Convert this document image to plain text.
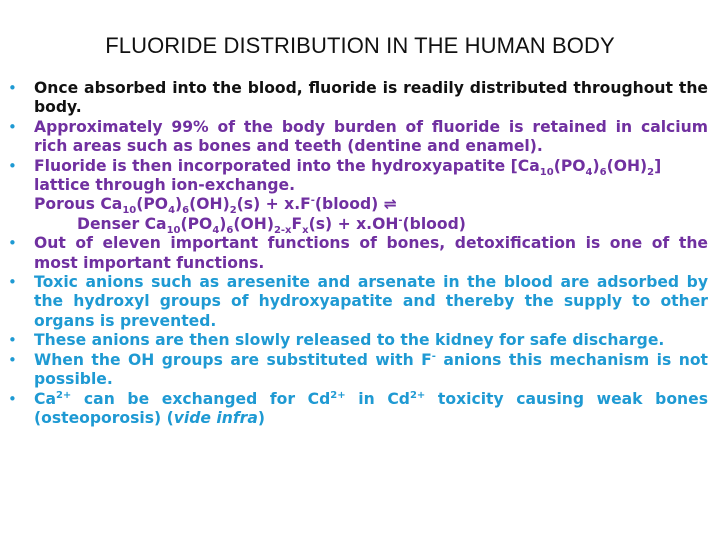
FLUORIDE DISTRIBUTION IN THE HUMAN BODY
• Once absorbed into the blood, fluoride is readily distributed throughout the body.
• Approximately 99% of the body burden of fluoride is retained in calcium rich areas such as bones and teeth (dentine and enamel).
• Fluoride is then incorporated into the hydroxyapatite $[Ca_{10}(PO_4)_6(OH)_2]$
lattice through ion-exchange.
Porous $Ca_{10}(PO_4)_6(OH)_2(s)$ + x.F-(blood) ⇌
Denser $Ca_{10}(PO_4)_6(OH)_{2-x}F_x(s)$ + x.OH-(blood)
• Out of eleven important functions of bones, detoxification is one of the most important functions.
• Toxic anions such as aresenite and arsenate in the blood are adsorbed by the hydroxyl groups of hydroxyapatite and thereby the supply to other organs is prevented.
• These anions are then slowly released to the kidney for safe discharge.
• When the OH groups are substituted with F- anions this mechanism is not possible.
• $Ca^{2+}$ can be exchanged for $Cd^{2+}$ in $Cd^{2+}$ toxicity causing weak bones (osteoporosis) (vide infra)
